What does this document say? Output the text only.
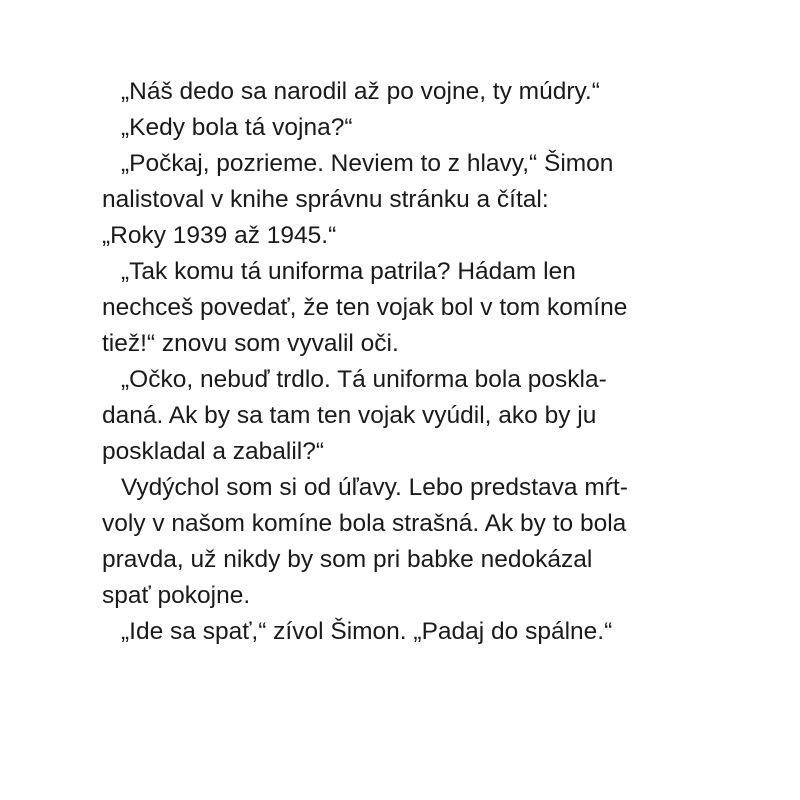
„Náš dedo sa narodil až po vojne, ty múdry.“
„Kedy bola tá vojna?“
„Počkaj, pozrieme. Neviem to z hlavy,“ Šimon
nalistoval v knihe správnu stránku a čítal:
„Roky 1939 až 1945.“
„Tak komu tá uniforma patrila? Hádam len
nechceš povedať, že ten vojak bol v tom komíne
tiež!“ znovu som vyvalil oči.
„Očko, nebuď trdlo. Tá uniforma bola poskla-
daná. Ak by sa tam ten vojak vyúdil, ako by ju
poskladal a zabalil?“
Vydýchol som si od úľavy. Lebo predstava mŕt-
voly v našom komíne bola strašná. Ak by to bola
pravda, už nikdy by som pri babke nedokázal
spať pokojne.
„Ide sa spať,“ zívol Šimon. „Padaj do spálne.“
